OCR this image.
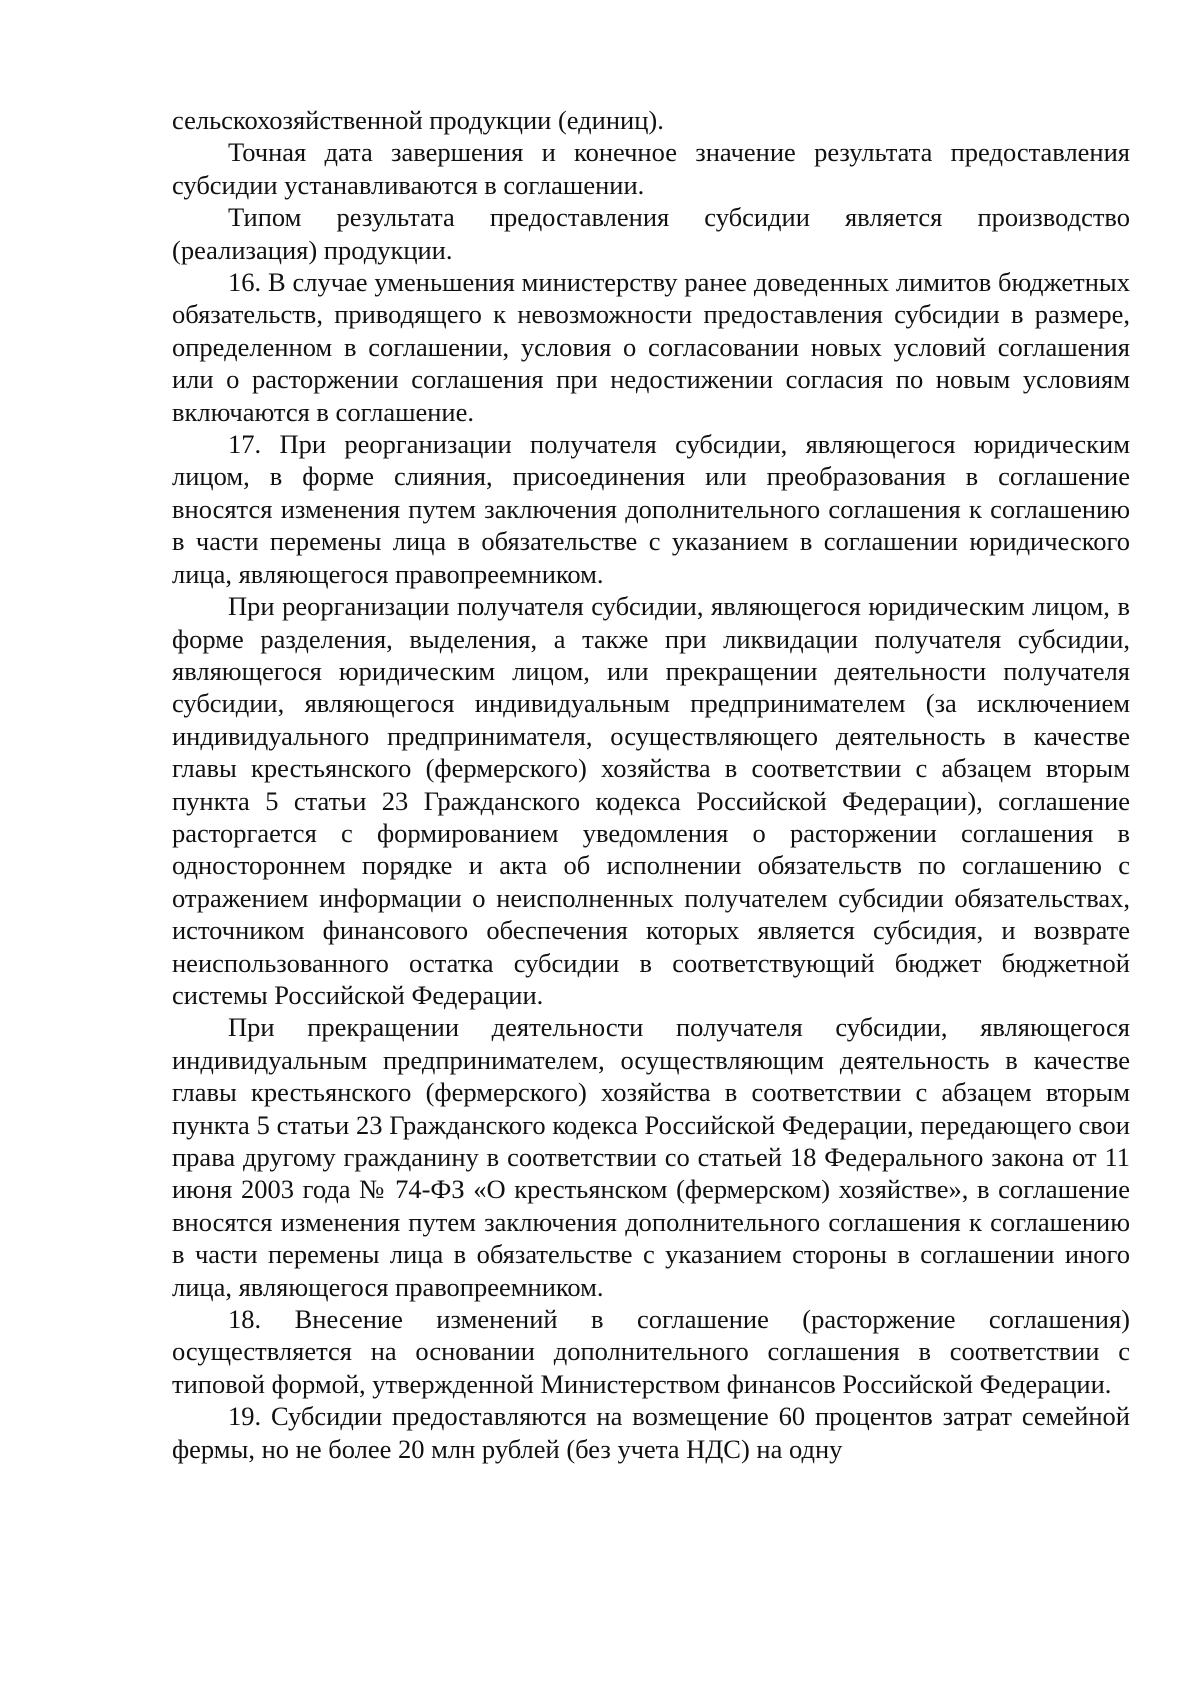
сельскохозяйственной продукции (единиц).

Точная дата завершения и конечное значение результата предоставления субсидии устанавливаются в соглашении.

Типом результата предоставления субсидии является производство (реализация) продукции.

16. В случае уменьшения министерству ранее доведенных лимитов бюджетных обязательств, приводящего к невозможности предоставления субсидии в размере, определенном в соглашении, условия о согласовании новых условий соглашения или о расторжении соглашения при недостижении согласия по новым условиям включаются в соглашение.

17. При реорганизации получателя субсидии, являющегося юридическим лицом, в форме слияния, присоединения или преобразования в соглашение вносятся изменения путем заключения дополнительного соглашения к соглашению в части перемены лица в обязательстве с указанием в соглашении юридического лица, являющегося правопреемником.

При реорганизации получателя субсидии, являющегося юридическим лицом, в форме разделения, выделения, а также при ликвидации получателя субсидии, являющегося юридическим лицом, или прекращении деятельности получателя субсидии, являющегося индивидуальным предпринимателем (за исключением индивидуального предпринимателя, осуществляющего деятельность в качестве главы крестьянского (фермерского) хозяйства в соответствии с абзацем вторым пункта 5 статьи 23 Гражданского кодекса Российской Федерации), соглашение расторгается с формированием уведомления о расторжении соглашения в одностороннем порядке и акта об исполнении обязательств по соглашению с отражением информации о неисполненных получателем субсидии обязательствах, источником финансового обеспечения которых является субсидия, и возврате неиспользованного остатка субсидии в соответствующий бюджет бюджетной системы Российской Федерации.

При прекращении деятельности получателя субсидии, являющегося индивидуальным предпринимателем, осуществляющим деятельность в качестве главы крестьянского (фермерского) хозяйства в соответствии с абзацем вторым пункта 5 статьи 23 Гражданского кодекса Российской Федерации, передающего свои права другому гражданину в соответствии со статьей 18 Федерального закона от 11 июня 2003 года № 74-ФЗ «О крестьянском (фермерском) хозяйстве», в соглашение вносятся изменения путем заключения дополнительного соглашения к соглашению в части перемены лица в обязательстве с указанием стороны в соглашении иного лица, являющегося правопреемником.

18. Внесение изменений в соглашение (расторжение соглашения) осуществляется на основании дополнительного соглашения в соответствии с типовой формой, утвержденной Министерством финансов Российской Федерации.

19. Субсидии предоставляются на возмещение 60 процентов затрат семейной фермы, но не более 20 млн рублей (без учета НДС) на одну
